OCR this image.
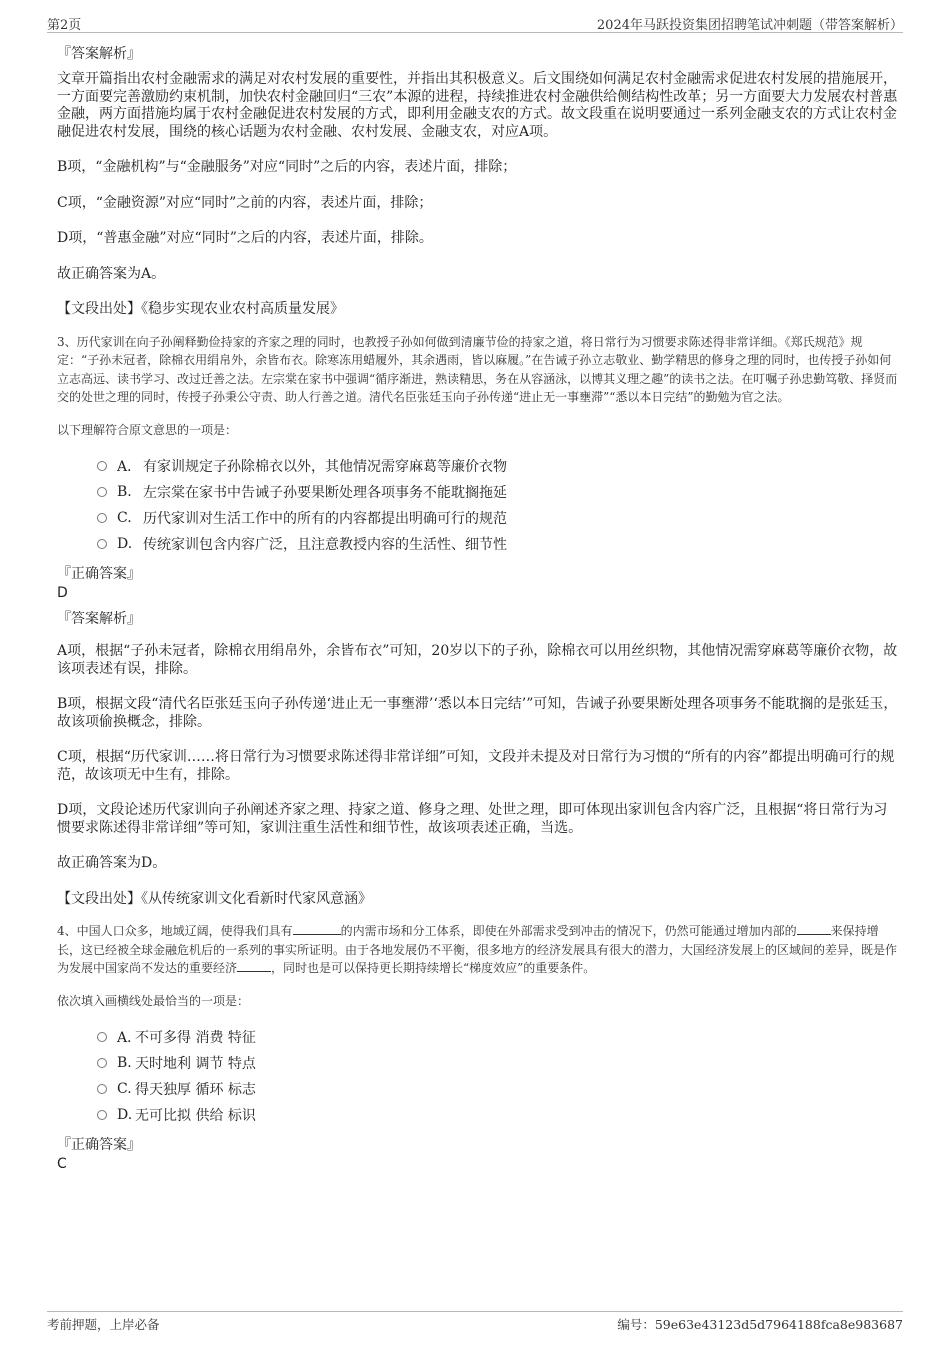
第2页	2024年马跃投资集团招聘笔试冲刺题（带答案解析）

『答案解析』

文章开篇指出农村金融需求的满足对农村发展的重要性，并指出其积极意义。后文围绕如何满足农村金融需求促进农村发展的措施展开，一方面要完善激励约束机制，加快农村金融回归“三农”本源的进程，持续推进农村金融供给侧结构性改革；另一方面要大力发展农村普惠金融，两方面措施均属于农村金融促进农村发展的方式，即利用金融支农的方式。故文段重在说明要通过一系列金融支农的方式让农村金融促进农村发展，围绕的核心话题为农村金融、农村发展、金融支农，对应A项。

B项，“金融机构”与“金融服务”对应“同时”之后的内容，表述片面，排除；

C项，“金融资源”对应“同时”之前的内容，表述片面，排除；

D项，“普惠金融”对应“同时”之后的内容，表述片面，排除。

故正确答案为A。

【文段出处】《稳步实现农业农村高质量发展》

3、历代家训在向子孙阐释勤俭持家的齐家之理的同时，也教授子孙如何做到清廉节俭的持家之道，将日常行为习惯要求陈述得非常详细。《郑氏规范》规定：“子孙未冠者，除棉衣用绢帛外，余皆布衣。除寒冻用蜡履外，其余遇雨，皆以麻履。”在告诫子孙立志敬业、勤学精思的修身之理的同时，也传授子孙如何立志高远、读书学习、改过迁善之法。左宗棠在家书中强调“循序渐进，熟读精思，务在从容涵泳，以博其义理之趣”的读书之法。在叮嘱子孙忠勤笃敬、择贤而交的处世之理的同时，传授子孙秉公守责、助人行善之道。清代名臣张廷玉向子孙传递“进止无一事壅滞”“悉以本日完结”的勤勉为官之法。

以下理解符合原文意思的一项是：

A． 有家训规定子孙除棉衣以外，其他情况需穿麻葛等廉价衣物
B. 左宗棠在家书中告诫子孙要果断处理各项事务不能耽搁拖延
C. 历代家训对生活工作中的所有的内容都提出明确可行的规范
D. 传统家训包含内容广泛，且注意教授内容的生活性、细节性

『正确答案』

D

『答案解析』

A项，根据“子孙未冠者，除棉衣用绢帛外，余皆布衣”可知，20岁以下的子孙，除棉衣可以用丝织物，其他情况需穿麻葛等廉价衣物，故该项表述有误，排除。

B项，根据文段“清代名臣张廷玉向子孙传递‘进止无一事壅滞’‘悉以本日完结’”可知，告诫子孙要果断处理各项事务不能耽搁的是张廷玉，故该项偷换概念，排除。

C项，根据“历代家训……将日常行为习惯要求陈述得非常详细”可知，文段并未提及对日常行为习惯的“所有的内容”都提出明确可行的规范，故该项无中生有，排除。

D项，文段论述历代家训向子孙阐述齐家之理、持家之道、修身之理、处世之理，即可体现出家训包含内容广泛，且根据“将日常行为习惯要求陈述得非常详细”等可知，家训注重生活性和细节性，故该项表述正确，当选。

故正确答案为D。

【文段出处】《从传统家训文化看新时代家风意涵》

4、中国人口众多，地域辽阔，使得我们具有	的内需市场和分工体系，即使在外部需求受到冲击的情况下，仍然可能通过增加内部的	来保持增长，这已经被全球金融危机后的一系列的事实所证明。由于各地发展仍不平衡，很多地方的经济发展具有很大的潜力，大国经济发展上的区域间的差异，既是作为发展中国家尚不发达的重要经济	，同时也是可以保持更长期持续增长“梯度效应”的重要条件。

依次填入画横线处最恰当的一项是：

A．
不可多得 消费 特征
B. 天时地利 调节 特点
C. 得天独厚 循环 标志
D. 无可比拟 供给 标识

『正确答案』

C

考前押题，上岸必备	编号：59e63e43123d5d7964188fca8e983687
